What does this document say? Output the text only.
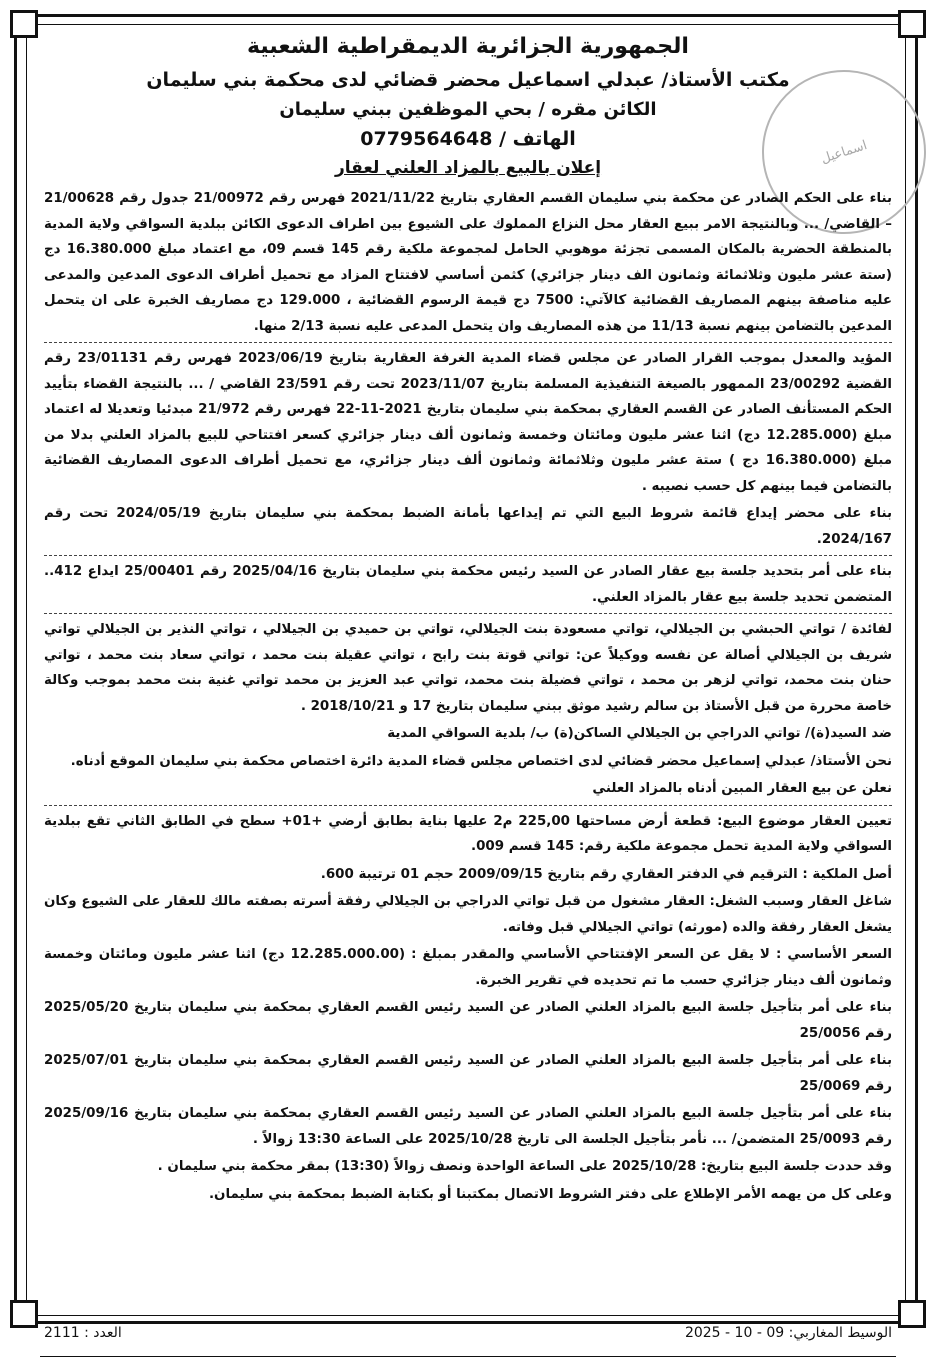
اسماعيل
الجمهورية الجزائرية الديمقراطية الشعبية
مكتب الأستاذ/ عبدلي اسماعيل محضر قضائي لدى محكمة بني سليمان
الكائن مقره / بحي الموظفين ببني سليمان
الهاتف / 0779564648
إعلان بالبيع بالمزاد العلني لعقار

بناء على الحكم الصادر عن محكمة بني سليمان القسم العقاري بتاريخ 2021/11/22 فهرس رقم 21/00972 جدول رقم 21/00628 – القاضي/ ... وبالنتيجة الامر ببيع العقار محل النزاع المملوك على الشيوع بين اطراف الدعوى الكائن ببلدية السواقي ولاية المدية بالمنطقة الحضرية بالمكان المسمى تجزئة موهوبي الحامل لمجموعة ملكية رقم 145 قسم 09، مع اعتماد مبلغ 16.380.000 دج (ستة عشر مليون وثلاثمائة وثمانون الف دينار جزائري) كثمن أساسي لافتتاح المزاد مع تحميل أطراف الدعوى المدعين والمدعى عليه مناصفة بينهم المصاريف القضائية كالآتي: 7500 دج قيمة الرسوم القضائية ، 129.000 دج مصاريف الخبرة على ان يتحمل المدعين بالتضامن بينهم نسبة 11/13 من هذه المصاريف وان يتحمل المدعى عليه نسبة 2/13 منها.

المؤيد والمعدل بموجب القرار الصادر عن مجلس قضاء المدية الغرفة العقارية بتاريخ 2023/06/19 فهرس رقم 23/01131 رقم القضية 23/00292 الممهور بالصيغة التنفيذية المسلمة بتاريخ 2023/11/07 تحت رقم 23/591 القاضي / ... بالنتيجة القضاء بتأييد الحكم المستأنف الصادر عن القسم العقاري بمحكمة بني سليمان بتاريخ 2021-11-22 فهرس رقم 21/972 مبدئيا وتعديلا له اعتماد مبلغ (12.285.000 دج) اثنا عشر مليون ومائتان وخمسة وثمانون ألف دينار جزائري كسعر افتتاحي للبيع بالمزاد العلني بدلا من مبلغ (16.380.000 دج ) ستة عشر مليون وثلاثمائة وثمانون ألف دينار جزائري، مع تحميل أطراف الدعوى المصاريف القضائية بالتضامن فيما بينهم كل حسب نصيبه .

بناء على محضر إيداع قائمة شروط البيع التي تم إيداعها بأمانة الضبط بمحكمة بني سليمان بتاريخ 2024/05/19 تحت رقم 2024/167.

بناء على أمر بتحديد جلسة بيع عقار الصادر عن السيد رئيس محكمة بني سليمان بتاريخ 2025/04/16 رقم 25/00401 ايداع 412.. المتضمن تحديد جلسة بيع عقار بالمزاد العلني.

لفائدة / تواتي الحبشي بن الجيلالي، تواتي مسعودة بنت الجيلالي، تواتي بن حميدي بن الجيلالي ، تواتي النذير بن الجيلالي تواتي شريف بن الجيلالي أصالة عن نفسه ووكيلاً عن: تواتي قوتة بنت رابح ، تواتي عقيلة بنت محمد ، تواتي سعاد بنت محمد ، تواتي حنان بنت محمد، تواتي لزهر بن محمد ، تواتي فضيلة بنت محمد، تواتي عبد العزيز بن محمد تواتي غنية بنت محمد بموجب وكالة خاصة محررة من قبل الأستاذ بن سالم رشيد موثق ببني سليمان بتاريخ 17 و 2018/10/21 .

ضد السيد(ة)/ تواتي الدراجي بن الجيلالي الساكن(ة) ب/ بلدية السواقي المدية

نحن الأستاذ/ عبدلي إسماعيل محضر قضائي لدى اختصاص مجلس قضاء المدية دائرة اختصاص محكمة بني سليمان الموقع أدناه.

نعلن عن بيع العقار المبين أدناه بالمزاد العلني

تعيين العقار موضوع البيع: قطعة أرض مساحتها 225,00 م2 عليها بناية بطابق أرضي +01+ سطح في الطابق الثاني تقع ببلدية السواقي ولاية المدية تحمل مجموعة ملكية رقم: 145 قسم 009.

أصل الملكية : الترقيم في الدفتر العقاري رقم بتاريخ 2009/09/15 حجم 01 ترتيبة 600.

شاغل العقار وسبب الشغل: العقار مشغول من قبل تواتي الدراجي بن الجيلالي رفقة أسرته بصفته مالك للعقار على الشيوع وكان يشغل العقار رفقة والده (مورثه) تواتي الجيلالي قبل وفاته.

السعر الأساسي : لا يقل عن السعر الإفتتاحي الأساسي والمقدر بمبلغ : (12.285.000.00 دج) اثنا عشر مليون ومائتان وخمسة وثمانون ألف دينار جزائري حسب ما تم تحديده في تقرير الخبرة.

بناء على أمر بتأجيل جلسة البيع بالمزاد العلني الصادر عن السيد رئيس القسم العقاري بمحكمة بني سليمان بتاريخ 2025/05/20 رقم 25/0056

بناء على أمر بتأجيل جلسة البيع بالمزاد العلني الصادر عن السيد رئيس القسم العقاري بمحكمة بني سليمان بتاريخ 2025/07/01 رقم 25/0069

بناء على أمر بتأجيل جلسة البيع بالمزاد العلني الصادر عن السيد رئيس القسم العقاري بمحكمة بني سليمان بتاريخ 2025/09/16 رقم 25/0093 المتضمن/ ... نأمر بتأجيل الجلسة الى تاريخ 2025/10/28 على الساعة 13:30 زوالاً .

وقد حددت جلسة البيع بتاريخ: 2025/10/28 على الساعة الواحدة ونصف زوالاً (13:30) بمقر محكمة بني سليمان .

وعلى كل من يهمه الأمر الإطلاع على دفتر الشروط الاتصال بمكتبنا أو بكتابة الضبط بمحكمة بني سليمان.

الوسيط المغاربي: 09 - 10 - 2025
العدد : 2111
